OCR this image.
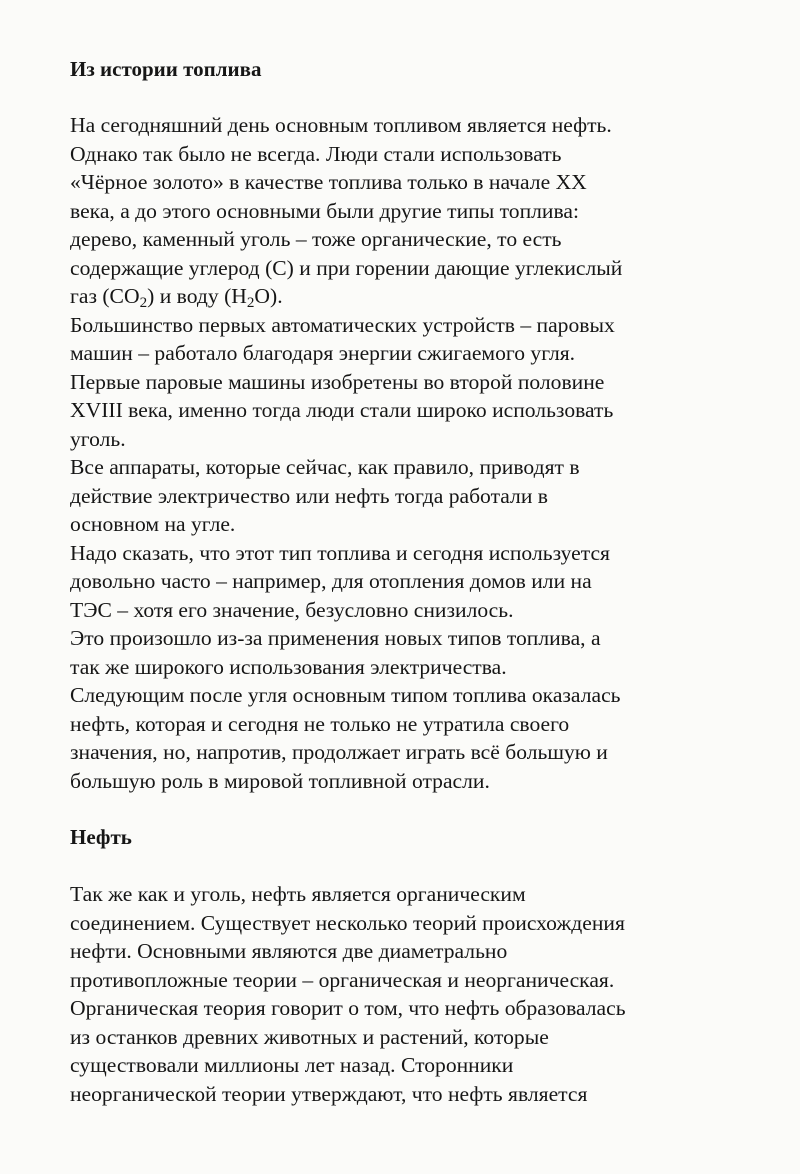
Из истории топлива
На сегодняшний день основным топливом является нефть.
Однако так было не всегда. Люди стали использовать
«Чёрное золото» в качестве топлива только в начале XX
века, а до этого основными были другие типы топлива:
дерево, каменный уголь – тоже органические, то есть
содержащие углерод (С) и при горении дающие углекислый
газ $(CO_2)$ и воду $(H_2O)$.
Большинство первых автоматических устройств – паровых
машин – работало благодаря энергии сжигаемого угля.
Первые паровые машины изобретены во второй половине
XVIII века, именно тогда люди стали широко использовать
уголь.
Все аппараты, которые сейчас, как правило, приводят в
действие электричество или нефть тогда работали в
основном на угле.
Надо сказать, что этот тип топлива и сегодня используется
довольно часто – например, для отопления домов или на
ТЭС – хотя его значение, безусловно снизилось.
Это произошло из-за применения новых типов топлива, а
так же широкого использования электричества.
Следующим после угля основным типом топлива оказалась
нефть, которая и сегодня не только не утратила своего
значения, но, напротив, продолжает играть всё большую и
большую роль в мировой топливной отрасли.
Нефть
Так же как и уголь, нефть является органическим
соединением. Существует несколько теорий происхождения
нефти. Основными являются две диаметрально
противопложные теории – органическая и неорганическая.
Органическая теория говорит о том, что нефть образовалась
из останков древних животных и растений, которые
существовали миллионы лет назад. Сторонники
неорганической теории утверждают, что нефть является
